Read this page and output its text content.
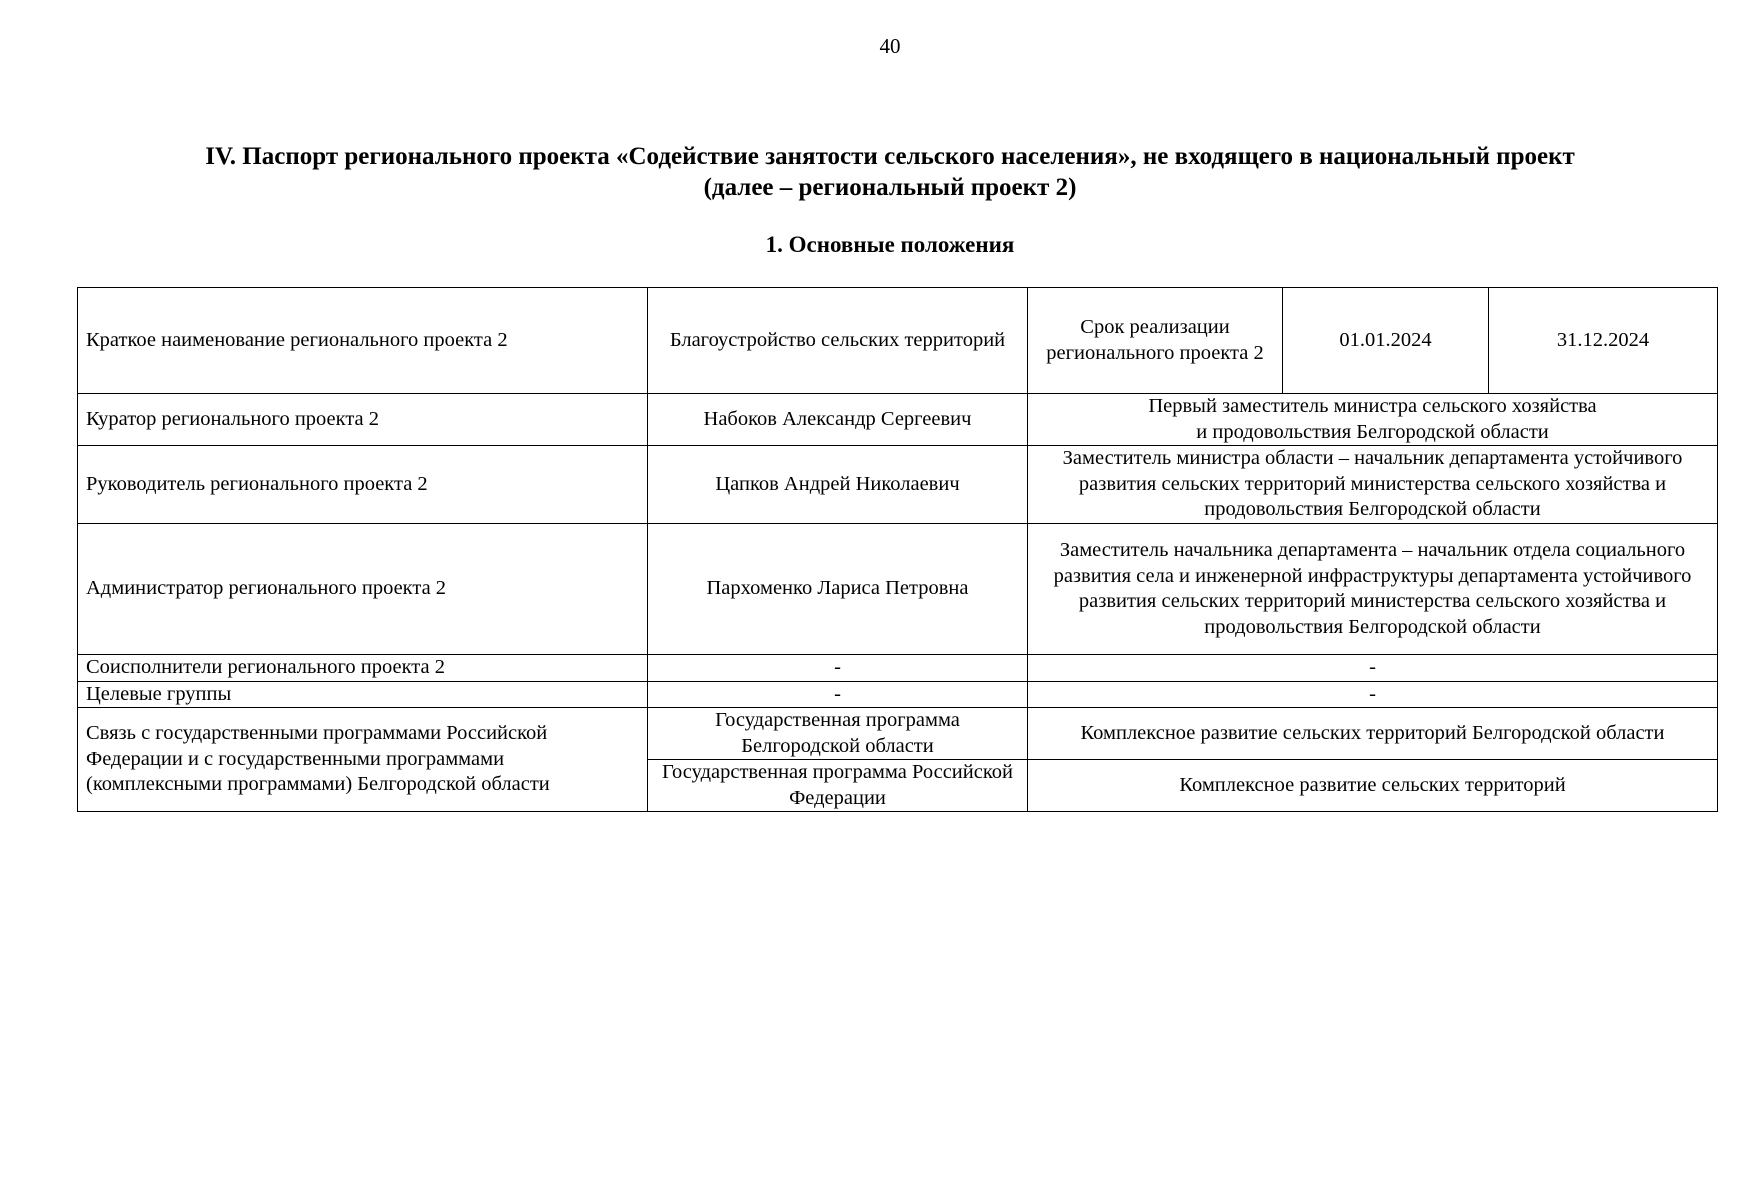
40
IV. Паспорт регионального проекта «Содействие занятости сельского населения», не входящего в национальный проект
(далее – региональный проект 2)
1. Основные положения
Краткое наименование регионального проекта 2	Благоустройство сельских территорий	Срок реализации регионального проекта 2	01.01.2024	31.12.2024
Куратор регионального проекта 2	Набоков Александр Сергеевич	Первый заместитель министра сельского хозяйства
и продовольствия Белгородской области		

Руководитель регионального проекта 2	Цапков Андрей Николаевич	Заместитель министра области – начальник департамента устойчивого развития сельских территорий министерства сельского хозяйства и продовольствия Белгородской области		
Администратор регионального проекта 2	Пархоменко Лариса Петровна	Заместитель начальника департамента – начальник отдела социального развития села и инженерной инфраструктуры департамента устойчивого развития сельских территорий министерства сельского хозяйства и продовольствия Белгородской области		
Соисполнители регионального проекта 2	-	-		
Целевые группы	-	-		
Связь с государственными программами Российской Федерации и с государственными программами (комплексными программами) Белгородской области	Государственная программа Белгородской области	Комплексное развитие сельских территорий Белгородской области		
	Государственная программа Российской Федерации	Комплексное развитие сельских территорий		
